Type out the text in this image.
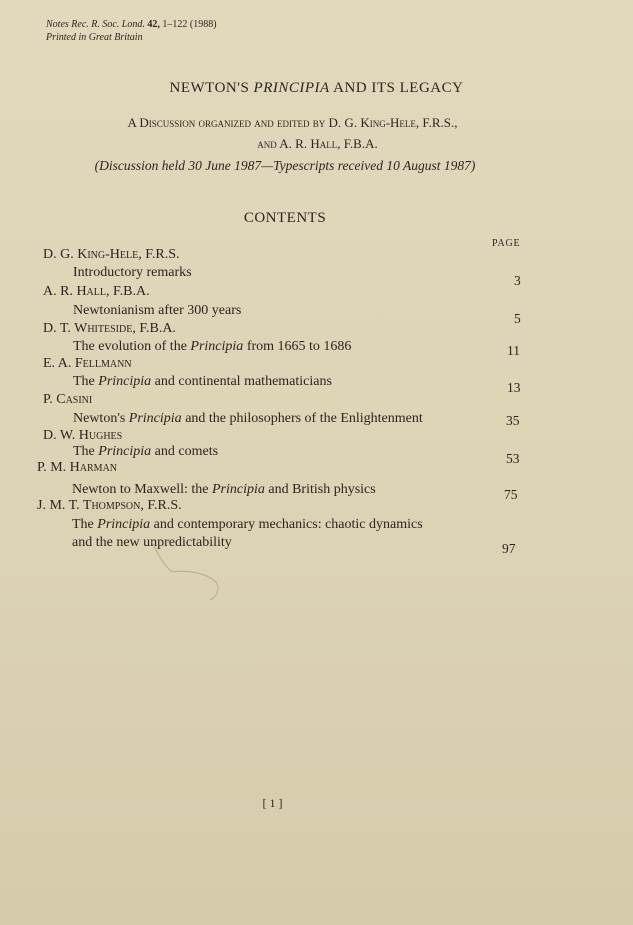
Notes Rec. R. Soc. Lond. 42, 1–122 (1988)
Printed in Great Britain
NEWTON'S PRINCIPIA AND ITS LEGACY
A Discussion organized and edited by D. G. King-Hele, F.R.S.,
and A. R. Hall, F.B.A.
(Discussion held 30 June 1987—Typescripts received 10 August 1987)
CONTENTS
PAGE
D. G. King-Hele, F.R.S.
Introductory remarks
3
A. R. Hall, F.B.A.
Newtonianism after 300 years
5
D. T. Whiteside, F.B.A.
The evolution of the Principia from 1665 to 1686	11
E. A. Fellmann
The Principia and continental mathematicians	13
P. Casini
Newton's Principia and the philosophers of the Enlightenment	35
D. W. Hughes
The Principia and comets	53
P. M. Harman
Newton to Maxwell: the Principia and British physics	75
J. M. T. Thompson, F.R.S.
The Principia and contemporary mechanics: chaotic dynamics
and the new unpredictability	97
[ 1 ]
